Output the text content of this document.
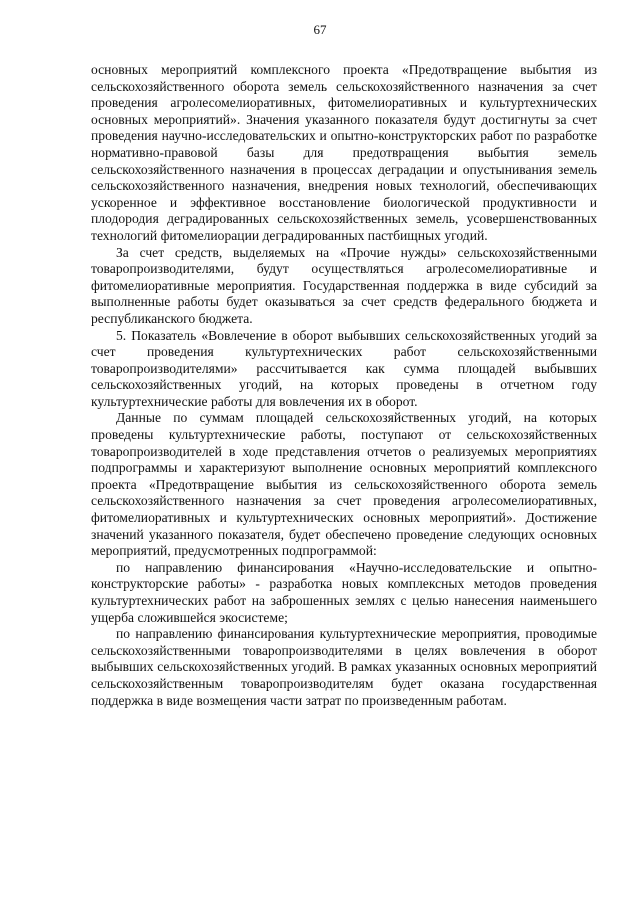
67

основных мероприятий комплексного проекта «Предотвращение выбытия из сельскохозяйственного оборота земель сельскохозяйственного назначения за счет проведения агролесомелиоративных, фитомелиоративных и культуртехнических основных мероприятий». Значения указанного показателя будут достигнуты за счет проведения научно-исследовательских и опытно-конструкторских работ по разработке нормативно-правовой базы для предотвращения выбытия земель сельскохозяйственного назначения в процессах деградации и опустынивания земель сельскохозяйственного назначения, внедрения новых технологий, обеспечивающих ускоренное и эффективное восстановление биологической продуктивности и плодородия деградированных сельскохозяйственных земель, усовершенствованных технологий фитомелиорации деградированных пастбищных угодий.

За счет средств, выделяемых на «Прочие нужды» сельскохозяйственными товаропроизводителями, будут осуществляться агролесомелиоративные и фитомелиоративные мероприятия. Государственная поддержка в виде субсидий за выполненные работы будет оказываться за счет средств федерального бюджета и республиканского бюджета.

5. Показатель «Вовлечение в оборот выбывших сельскохозяйственных угодий за счет проведения культуртехнических работ сельскохозяйственными товаропроизводителями» рассчитывается как сумма площадей выбывших сельскохозяйственных угодий, на которых проведены в отчетном году культуртехнические работы для вовлечения их в оборот.

Данные по суммам площадей сельскохозяйственных угодий, на которых проведены культуртехнические работы, поступают от сельскохозяйственных товаропроизводителей в ходе представления отчетов о реализуемых мероприятиях подпрограммы и характеризуют выполнение основных мероприятий комплексного проекта «Предотвращение выбытия из сельскохозяйственного оборота земель сельскохозяйственного назначения за счет проведения агролесомелиоративных, фитомелиоративных и культуртехнических основных мероприятий». Достижение значений указанного показателя, будет обеспечено проведение следующих основных мероприятий, предусмотренных подпрограммой:

по направлению финансирования «Научно-исследовательские и опытно-конструкторские работы» - разработка новых комплексных методов проведения культуртехнических работ на заброшенных землях с целью нанесения наименьшего ущерба сложившейся экосистеме;

по направлению финансирования культуртехнические мероприятия, проводимые сельскохозяйственными товаропроизводителями в целях вовлечения в оборот выбывших сельскохозяйственных угодий. В рамках указанных основных мероприятий сельскохозяйственным товаропроизводителям будет оказана государственная поддержка в виде возмещения части затрат по произведенным работам.
